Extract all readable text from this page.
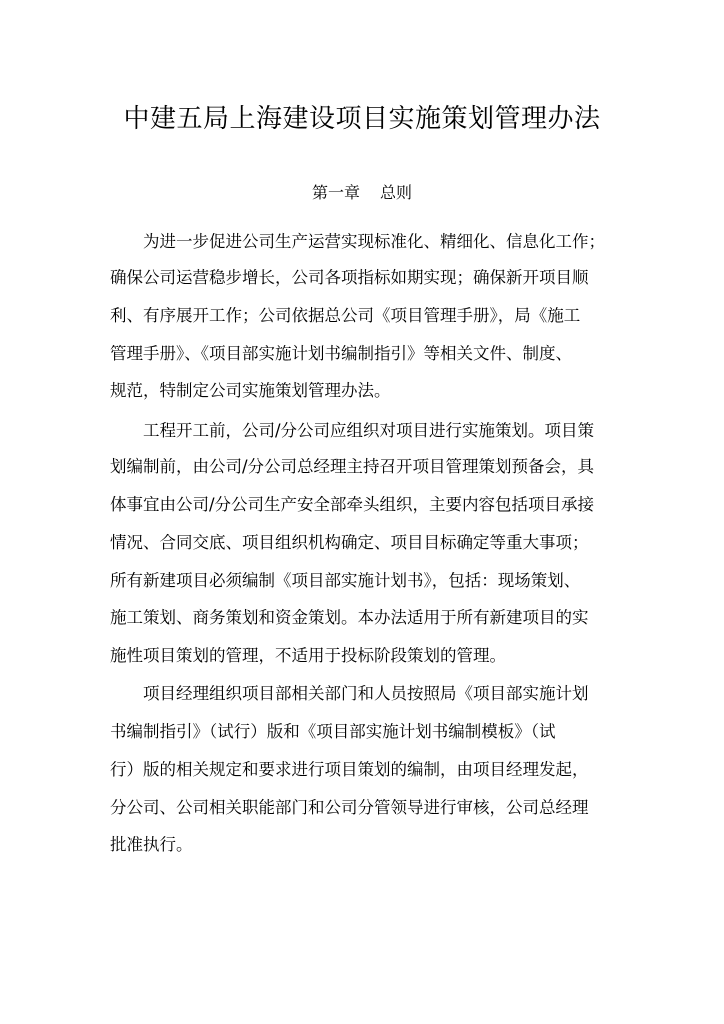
中建五局上海建设项目实施策划管理办法
第一章 总则

为进一步促进公司生产运营实现标准化、精细化、信息化工作；

确保公司运营稳步增长，公司各项指标如期实现；确保新开项目顺

利、有序展开工作；公司依据总公司《项目管理手册》，局《施工

管理手册》、《项目部实施计划书编制指引》等相关文件、制度、

规范，特制定公司实施策划管理办法。

工程开工前，公司/分公司应组织对项目进行实施策划。项目策

划编制前，由公司/分公司总经理主持召开项目管理策划预备会，具

体事宜由公司/分公司生产安全部牵头组织，主要内容包括项目承接

情况、合同交底、项目组织机构确定、项目目标确定等重大事项；

所有新建项目必须编制《项目部实施计划书》，包括：现场策划、

施工策划、商务策划和资金策划。本办法适用于所有新建项目的实

施性项目策划的管理，不适用于投标阶段策划的管理。

项目经理组织项目部相关部门和人员按照局《项目部实施计划

书编制指引》（试行）版和《项目部实施计划书编制模板》（试

行）版的相关规定和要求进行项目策划的编制，由项目经理发起，

分公司、公司相关职能部门和公司分管领导进行审核，公司总经理

批准执行。
